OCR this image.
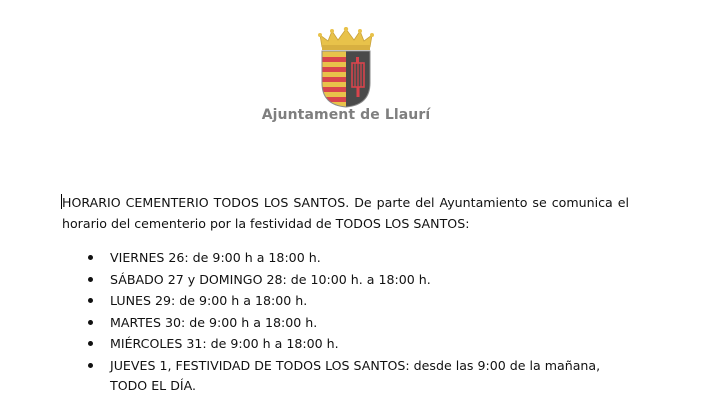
Ajuntament de Llaurí

HORARIO CEMENTERIO TODOS LOS SANTOS. De parte del Ayuntamiento se comunica el horario del cementerio por la festividad de TODOS LOS SANTOS:

VIERNES 26: de 9:00 h a 18:00 h.
SÁBADO 27 y DOMINGO 28: de 10:00 h. a 18:00 h.
LUNES 29: de 9:00 h a 18:00 h.
MARTES 30: de 9:00 h a 18:00 h.
MIÉRCOLES 31: de 9:00 h a 18:00 h.
JUEVES 1, FESTIVIDAD DE TODOS LOS SANTOS: desde las 9:00 de la mañana, TODO EL DÍA.
